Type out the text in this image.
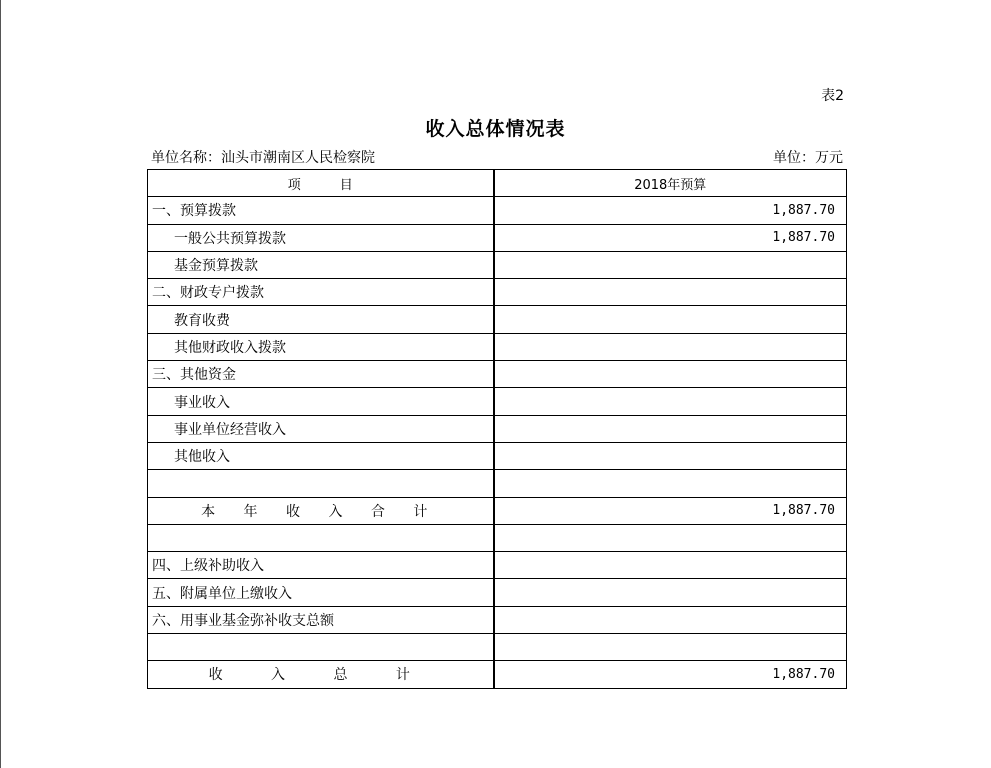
表2
收入总体情况表
单位名称：汕头市潮南区人民检察院	单位：万元
项　　　目	2018年预算
一、预算拨款	1,887.70
一般公共预算拨款	1,887.70
基金预算拨款	
二、财政专户拨款	
教育收费	
其他财政收入拨款	
三、其他资金	
事业收入	
事业单位经营收入	
其他收入	

本 年 收 入 合 计	1,887.70

四、上级补助收入	
五、附属单位上缴收入	
六、用事业基金弥补收支总额	

收 入 总 计	1,887.70
